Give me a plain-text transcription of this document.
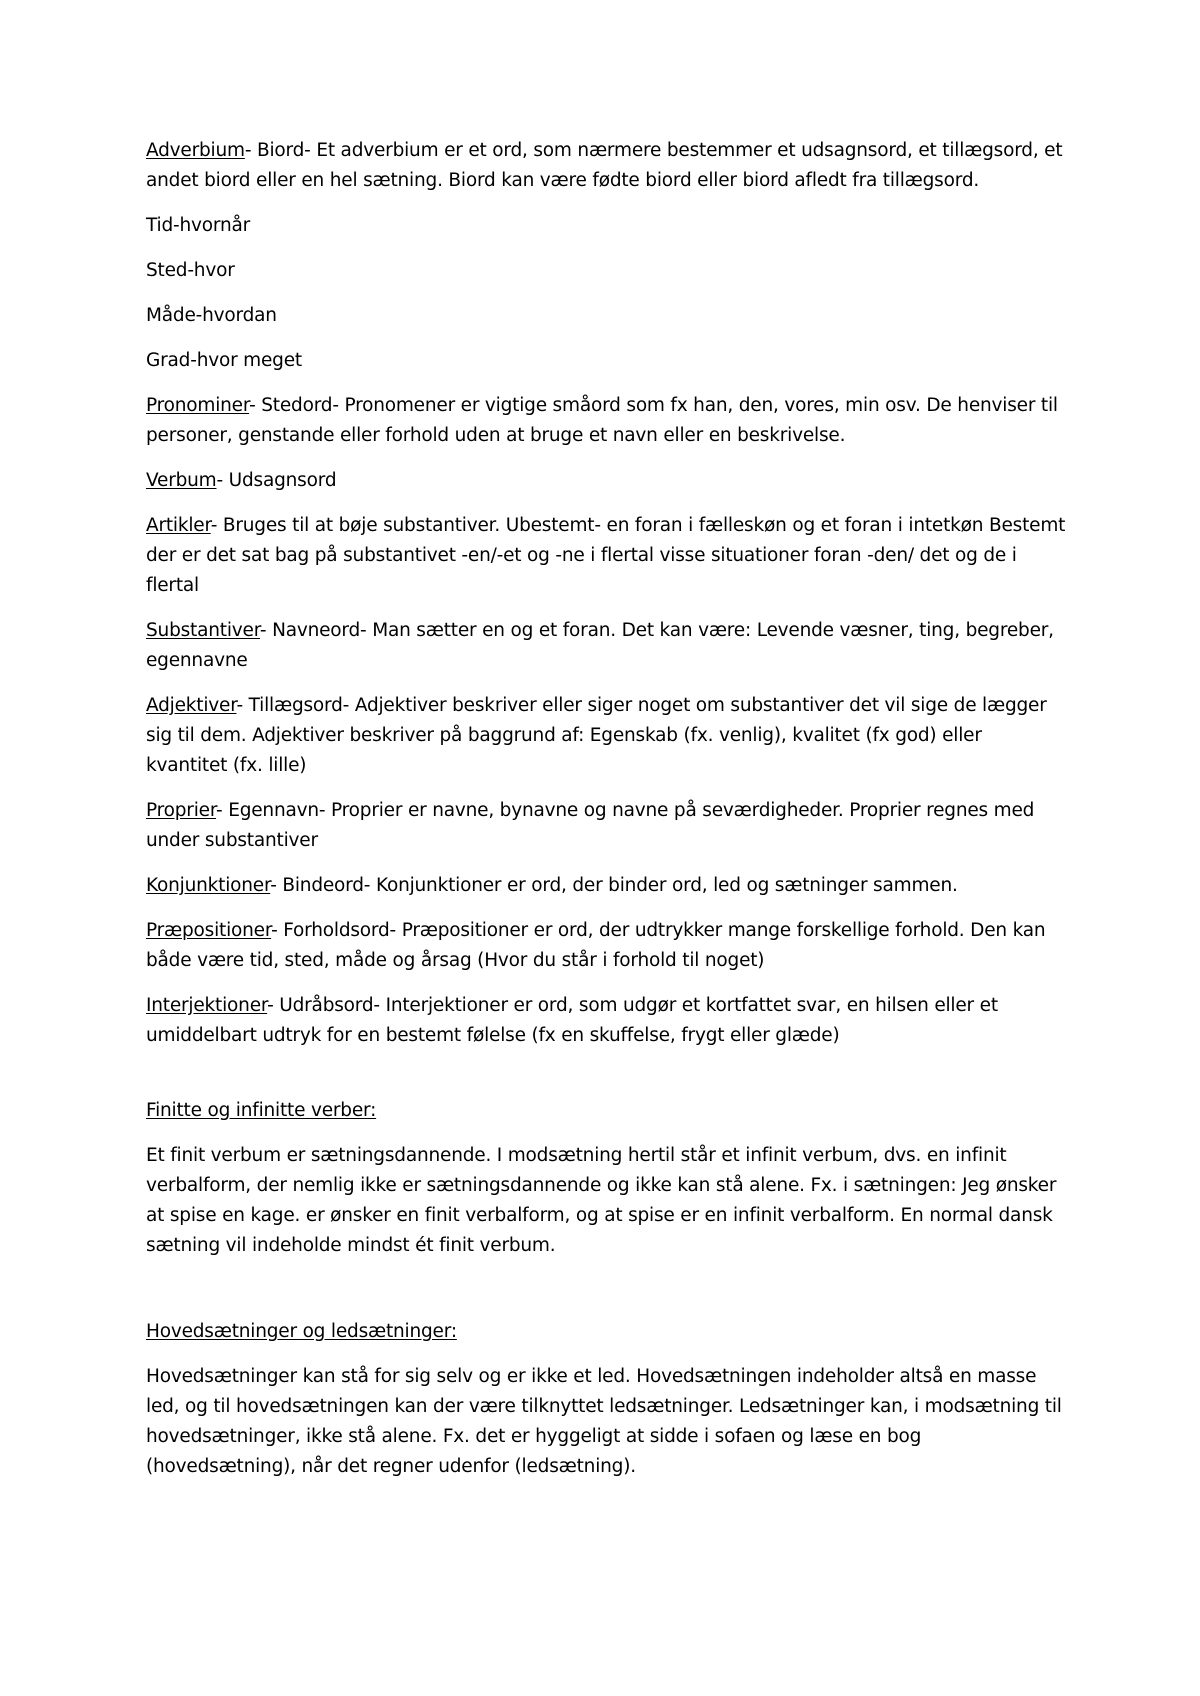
Adverbium- Biord- Et adverbium er et ord, som nærmere bestemmer et udsagnsord, et tillægsord, et andet biord eller en hel sætning. Biord kan være fødte biord eller biord afledt fra tillægsord.

Tid-hvornår

Sted-hvor

Måde-hvordan

Grad-hvor meget

Pronominer- Stedord- Pronomener er vigtige småord som fx han, den, vores, min osv. De henviser til personer, genstande eller forhold uden at bruge et navn eller en beskrivelse.

Verbum- Udsagnsord

Artikler- Bruges til at bøje substantiver. Ubestemt- en foran i fælleskøn og et foran i intetkøn Bestemt der er det sat bag på substantivet -en/-et og -ne i flertal visse situationer foran -den/ det og de i flertal

Substantiver- Navneord- Man sætter en og et foran. Det kan være: Levende væsner, ting, begreber, egennavne

Adjektiver- Tillægsord- Adjektiver beskriver eller siger noget om substantiver det vil sige de lægger sig til dem. Adjektiver beskriver på baggrund af: Egenskab (fx. venlig), kvalitet (fx god) eller kvantitet (fx. lille)

Proprier- Egennavn- Proprier er navne, bynavne og navne på seværdigheder. Proprier regnes med under substantiver

Konjunktioner- Bindeord- Konjunktioner er ord, der binder ord, led og sætninger sammen.

Præpositioner- Forholdsord- Præpositioner er ord, der udtrykker mange forskellige forhold. Den kan både være tid, sted, måde og årsag (Hvor du står i forhold til noget)

Interjektioner- Udråbsord- Interjektioner er ord, som udgør et kortfattet svar, en hilsen eller et umiddelbart udtryk for en bestemt følelse (fx en skuffelse, frygt eller glæde)

Finitte og infinitte verber:

Et finit verbum er sætningsdannende. I modsætning hertil står et infinit verbum, dvs. en infinit verbalform, der nemlig ikke er sætningsdannende og ikke kan stå alene. Fx. i sætningen: Jeg ønsker at spise en kage. er ønsker en finit verbalform, og at spise er en infinit verbalform. En normal dansk sætning vil indeholde mindst ét finit verbum.

Hovedsætninger og ledsætninger:

Hovedsætninger kan stå for sig selv og er ikke et led. Hovedsætningen indeholder altså en masse led, og til hovedsætningen kan der være tilknyttet ledsætninger. Ledsætninger kan, i modsætning til hovedsætninger, ikke stå alene. Fx. det er hyggeligt at sidde i sofaen og læse en bog (hovedsætning), når det regner udenfor (ledsætning).
